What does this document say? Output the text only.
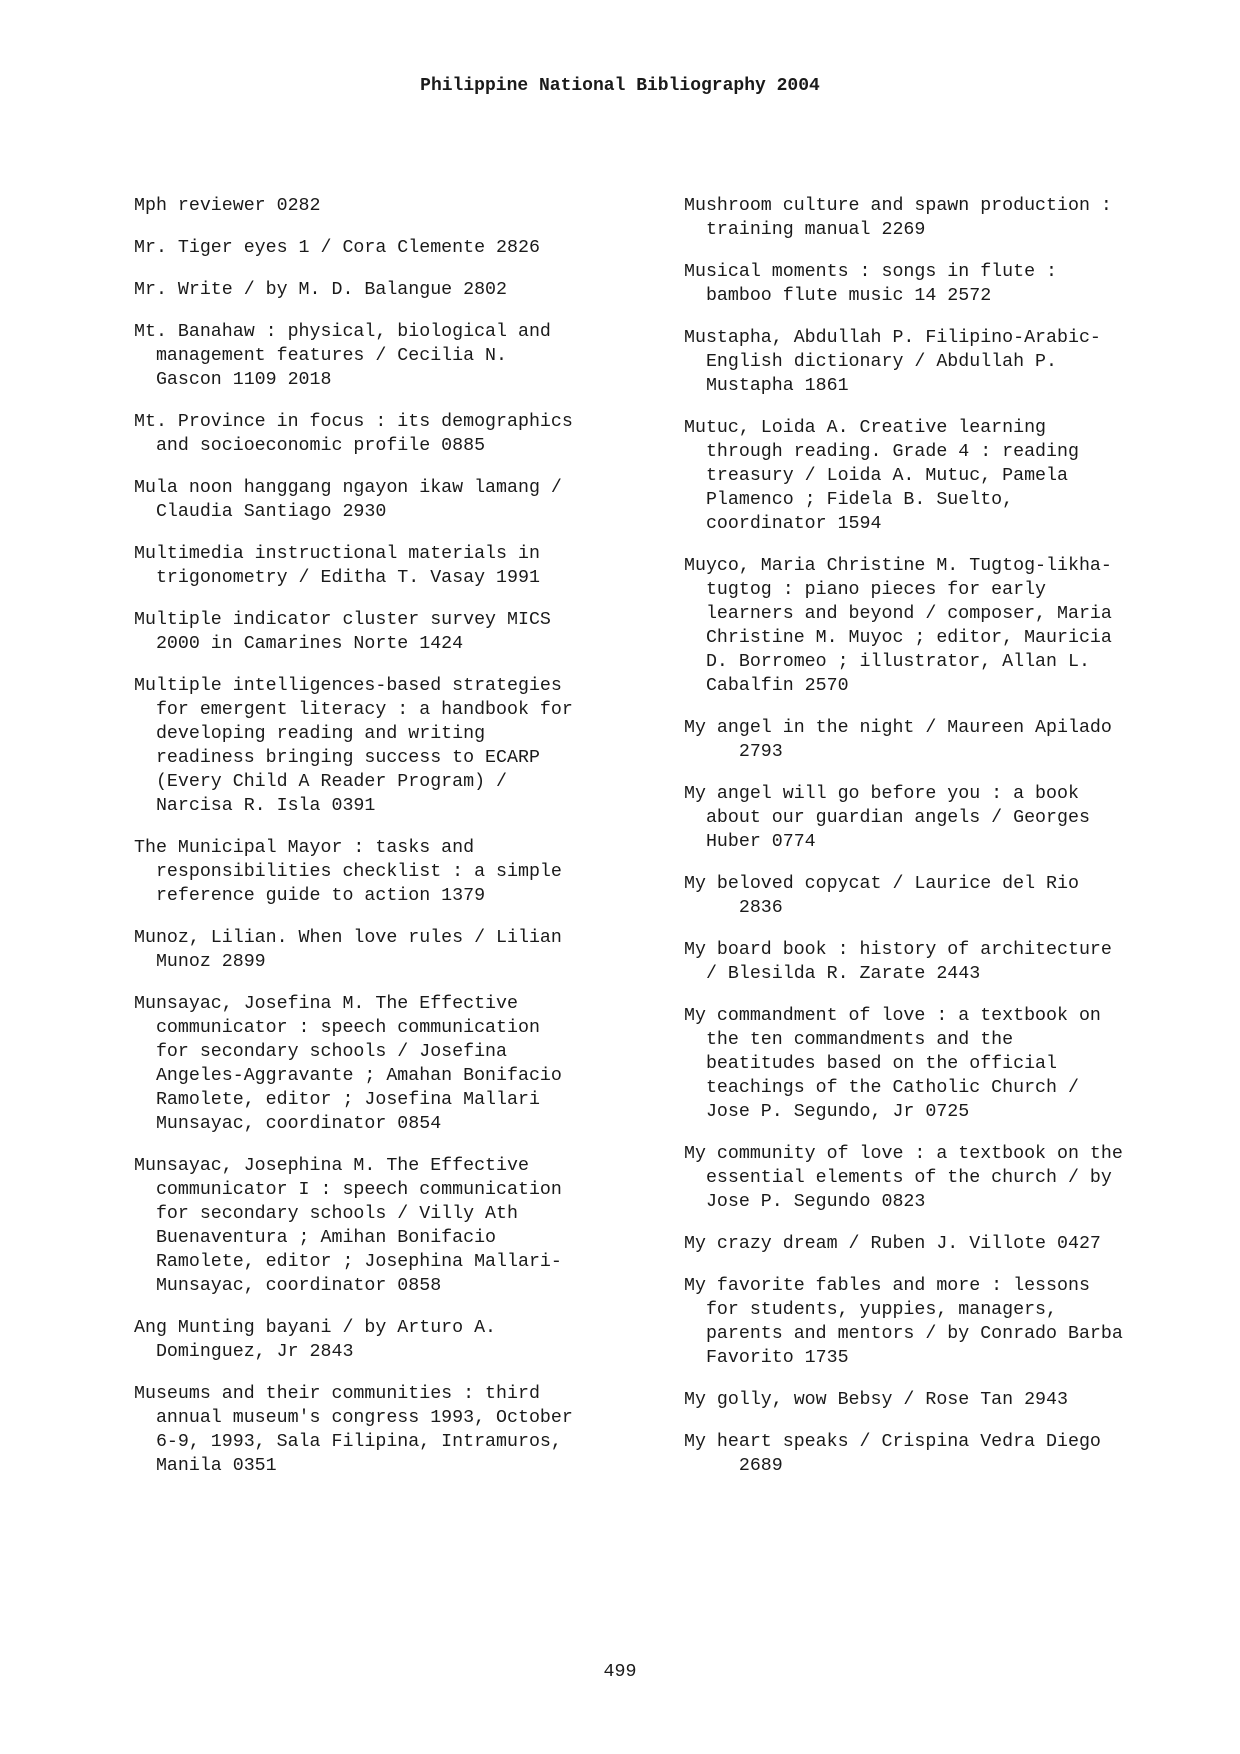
Philippine National Bibliography 2004

Mph reviewer 0282

Mr. Tiger eyes 1 / Cora Clemente 2826

Mr. Write / by M. D. Balangue 2802

Mt. Banahaw : physical, biological and
management features / Cecilia N.
Gascon 1109 2018

Mt. Province in focus : its demographics
and socioeconomic profile 0885

Mula noon hanggang ngayon ikaw lamang /
Claudia Santiago 2930

Multimedia instructional materials in
trigonometry / Editha T. Vasay 1991

Multiple indicator cluster survey MICS
2000 in Camarines Norte 1424

Multiple intelligences-based strategies
for emergent literacy : a handbook for
developing reading and writing
readiness bringing success to ECARP
(Every Child A Reader Program) /
Narcisa R. Isla 0391

The Municipal Mayor : tasks and
responsibilities checklist : a simple
reference guide to action 1379

Munoz, Lilian. When love rules / Lilian
Munoz 2899

Munsayac, Josefina M. The Effective
communicator : speech communication
for secondary schools / Josefina
Angeles-Aggravante ; Amahan Bonifacio
Ramolete, editor ; Josefina Mallari
Munsayac, coordinator 0854

Munsayac, Josephina M. The Effective
communicator I : speech communication
for secondary schools / Villy Ath
Buenaventura ; Amihan Bonifacio
Ramolete, editor ; Josephina Mallari-
Munsayac, coordinator 0858

Ang Munting bayani / by Arturo A.
Dominguez, Jr 2843

Museums and their communities : third
annual museum's congress 1993, October
6-9, 1993, Sala Filipina, Intramuros,
Manila 0351

Mushroom culture and spawn production :
training manual 2269

Musical moments : songs in flute :
bamboo flute music 14 2572

Mustapha, Abdullah P. Filipino-Arabic-
English dictionary / Abdullah P.
Mustapha 1861

Mutuc, Loida A. Creative learning
through reading. Grade 4 : reading
treasury / Loida A. Mutuc, Pamela
Plamenco ; Fidela B. Suelto,
coordinator 1594

Muyco, Maria Christine M. Tugtog-likha-
tugtog : piano pieces for early
learners and beyond / composer, Maria
Christine M. Muyoc ; editor, Mauricia
D. Borromeo ; illustrator, Allan L.
Cabalfin 2570

My angel in the night / Maureen Apilado
2793

My angel will go before you : a book
about our guardian angels / Georges
Huber 0774

My beloved copycat / Laurice del Rio
2836

My board book : history of architecture
/ Blesilda R. Zarate 2443

My commandment of love : a textbook on
the ten commandments and the
beatitudes based on the official
teachings of the Catholic Church /
Jose P. Segundo, Jr 0725

My community of love : a textbook on the
essential elements of the church / by
Jose P. Segundo 0823

My crazy dream / Ruben J. Villote 0427

My favorite fables and more : lessons
for students, yuppies, managers,
parents and mentors / by Conrado Barba
Favorito 1735

My golly, wow Bebsy / Rose Tan 2943

My heart speaks / Crispina Vedra Diego
2689

499
